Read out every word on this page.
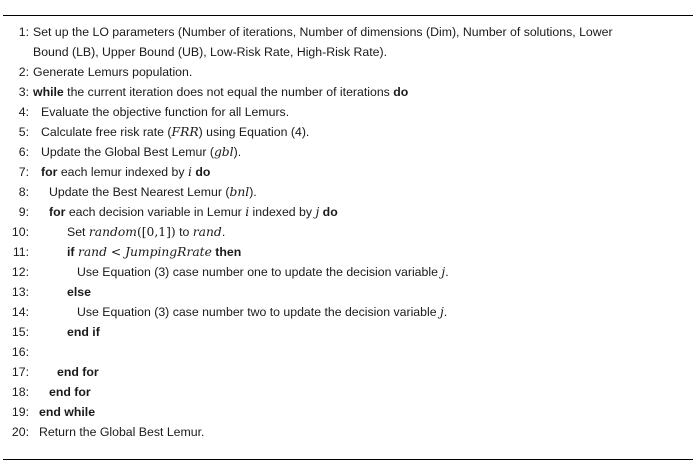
1: Set up the LO parameters (Number of iterations, Number of dimensions (Dim), Number of solutions, Lower
Bound (LB), Upper Bound (UB), Low-Risk Rate, High-Risk Rate).
2: Generate Lemurs population.
3: while the current iteration does not equal the number of iterations do
4: Evaluate the objective function for all Lemurs.
5: Calculate free risk rate (FRR) using Equation (4).
6: Update the Global Best Lemur (gbl).
7: for each lemur indexed by i do
8: Update the Best Nearest Lemur (bnl).
9: for each decision variable in Lemur i indexed by j do
10:	Set random([0,1]) to rand.
11:	if rand < JumpingRrate then
12:	Use Equation (3) case number one to update the decision variable j.
13:	else
14:	Use Equation (3) case number two to update the decision variable j.
15:	end if
16:
17: end for
18: end for
19: end while
20: Return the Global Best Lemur.
